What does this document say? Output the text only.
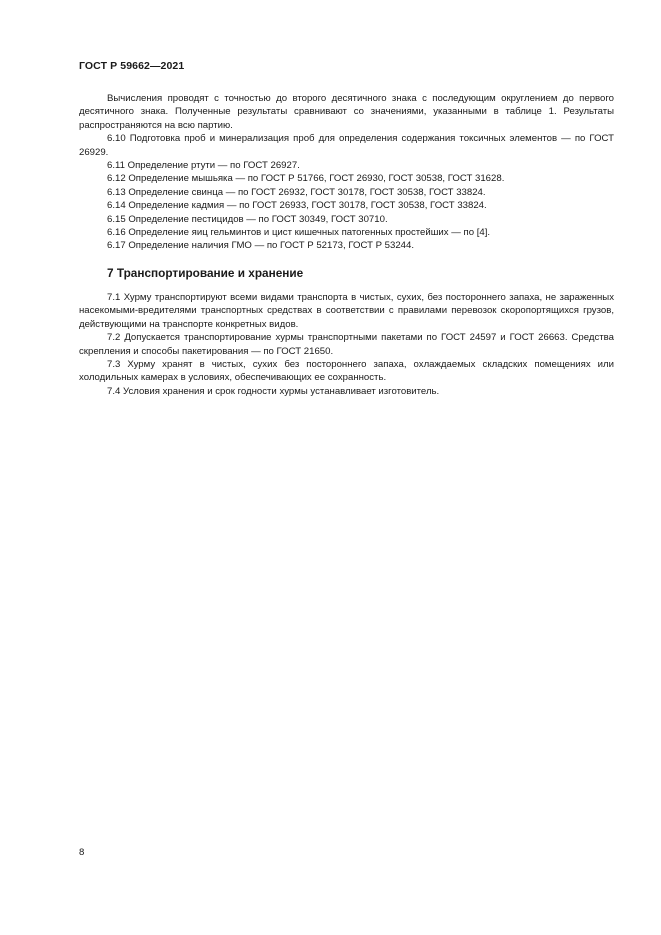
ГОСТ Р 59662—2021

Вычисления проводят с точностью до второго десятичного знака с последующим округлением до первого десятичного знака. Полученные результаты сравнивают со значениями, указанными в таблице 1. Результаты распространяются на всю партию.

6.10 Подготовка проб и минерализация проб для определения содержания токсичных элементов — по ГОСТ 26929.

6.11 Определение ртути — по ГОСТ 26927.

6.12 Определение мышьяка — по ГОСТ Р 51766, ГОСТ 26930, ГОСТ 30538, ГОСТ 31628.

6.13 Определение свинца — по ГОСТ 26932, ГОСТ 30178, ГОСТ 30538, ГОСТ 33824.

6.14 Определение кадмия — по ГОСТ 26933, ГОСТ 30178, ГОСТ 30538, ГОСТ 33824.

6.15 Определение пестицидов — по ГОСТ 30349, ГОСТ 30710.

6.16 Определение яиц гельминтов и цист кишечных патогенных простейших — по [4].

6.17 Определение наличия ГМО — по ГОСТ Р 52173, ГОСТ Р 53244.

7 Транспортирование и хранение

7.1 Хурму транспортируют всеми видами транспорта в чистых, сухих, без постороннего запаха, не зараженных насекомыми-вредителями транспортных средствах в соответствии с правилами перевозок скоропортящихся грузов, действующими на транспорте конкретных видов.

7.2 Допускается транспортирование хурмы транспортными пакетами по ГОСТ 24597 и ГОСТ 26663. Средства скрепления и способы пакетирования — по ГОСТ 21650.

7.3 Хурму хранят в чистых, сухих без постороннего запаха, охлаждаемых складских помещениях или холодильных камерах в условиях, обеспечивающих ее сохранность.

7.4 Условия хранения и срок годности хурмы устанавливает изготовитель.

8
